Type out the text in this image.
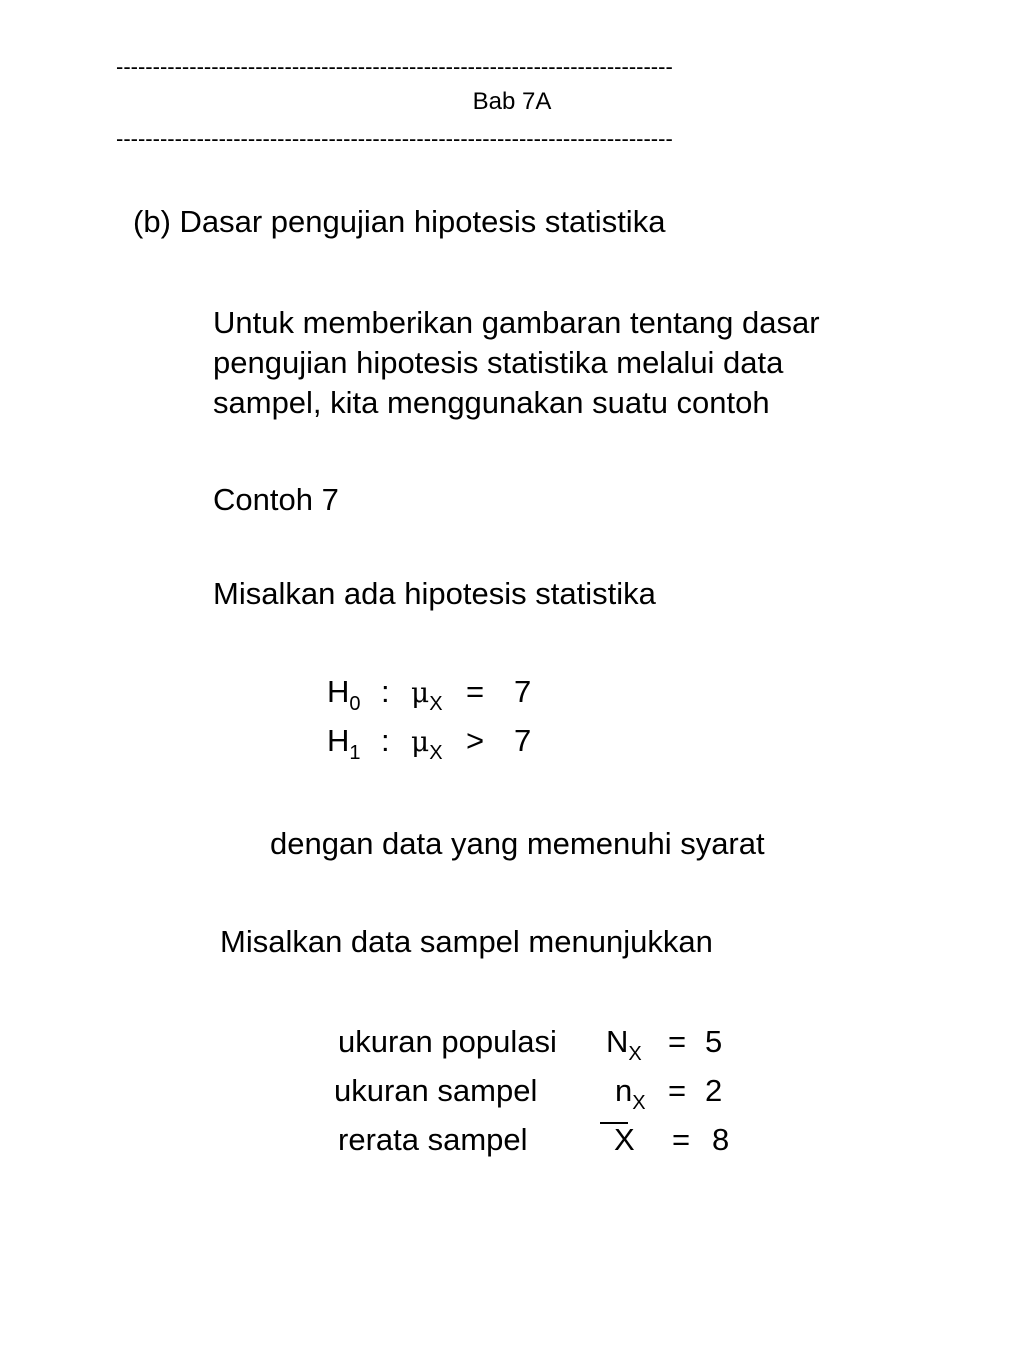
----------------------------------------------------------------------------
Bab 7A
----------------------------------------------------------------------------
(b) Dasar pengujian hipotesis statistika
Untuk memberikan gambaran tentang dasar
pengujian hipotesis statistika melalui data
sampel, kita menggunakan suatu contoh
Contoh 7
Misalkan ada hipotesis statistika
$H_0$ : $\mu_X = 7$
$H_1$ : $\mu_X > 7$
dengan data yang memenuhi syarat
Misalkan data sampel menunjukkan
ukuran populasi $N_X = 5$
ukuran sampel	$n_X = 2$
rerata sampel	X = 8
